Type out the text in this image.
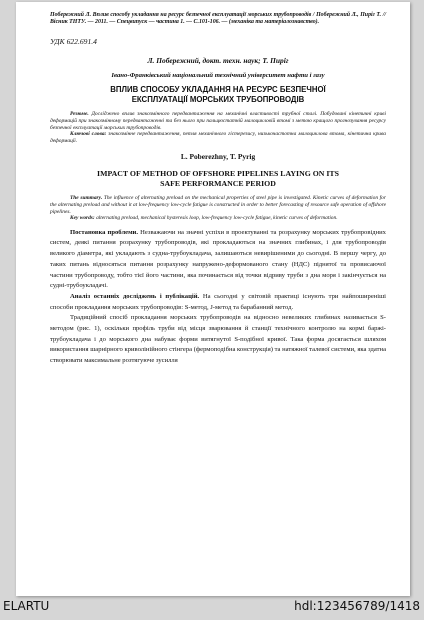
Побережний Л. Вплив способу укладання на ресурс безпечної експлуатації морських трубопроводів / Побережний Л., Пиріг Т. // Вісник ТНТУ. — 2011. — Спецвипуск — частина 1. — С.101-106. — (механіка та матеріалознавство).

УДК 622.691.4

Л. Побережний, докт. техн. наук; Т. Пиріг

Івано-Франківський національний технічний університет нафти і газу

ВПЛИВ СПОСОБУ УКЛАДАННЯ НА РЕСУРС БЕЗПЕЧНОЇ
ЕКСПЛУАТАЦІЇ МОРСЬКИХ ТРУБОПРОВОДІВ

Резюме. Досліджено вплив знакозмінного передвантаження на механічні властивості трубної сталі. Побудовані кінетичні криві деформацій при знакозмінному передвантаженні та без нього при пальцюстатній малоцикловій втомі з метою кращого прогнозування ресурсу безпечної експлуатації морських трубопроводів.

Ключові слова: знакозмінне передвантаження, петля механічного гістерезису, низькочастотна малоциклова втома, кінетична крива деформації.

L. Poberezhny, T. Pyrig

IMPACT OF METHOD OF OFFSHORE PIPELINES LAYING ON ITS
SAFE PERFORMANCE PERIOD

The summary. The influence of alternating preload on the mechanical properties of steel pipe is investigated. Kinetic curves of deformation for the alternating preload and without it at low-frequency low-cycle fatigue is constructed in order to better forecasting of resource safe operation of offshore pipelines.

Key words: alternating preload, mechanical hysteresis loop, low-frequency low-cycle fatigue, kinetic curves of deformation.

Постановка проблеми. Незважаючи на значні успіхи в проектуванні та розрахунку морських трубопровідних систем, деякі питання розрахунку трубопроводів, які прокладаються на значних глибинах, і для трубопроводів великого діаметра, які укладають з судна-трубоукладача, залишаються невирішеними до сьогодні. В першу чергу, до таких питань відносяться питання розрахунку напружено-деформованого стану (НДС) піднятої та провисаючої частини трубопроводу, тобто тієї його частини, яка починається від точки відриву труби з дна моря і закінчується на судні-трубоукладачі.

Аналіз останніх досліджень і публікацій. На сьогодні у світовій практиці існують три найпоширеніші способи прокладання морських трубопроводів: S-метод, J-метод та барабанний метод.

Традиційний спосіб прокладання морських трубопроводів на відносно невеликих глибинах називається S-методом (рис. 1), оскільки профіль труби від місця зварювання й станції технічного контролю на кормі баржі-трубоукладача і до морського дна набуває форми витягнутої S-подібної кривої. Така форма досягається шляхом використання шарнірного криволінійного стінгера (фермоподібна конструкція) та натяжної талевої системи, яка здатна створювати максимальне розтягуюче зусилля

ELARTU	hdl:123456789/1418
